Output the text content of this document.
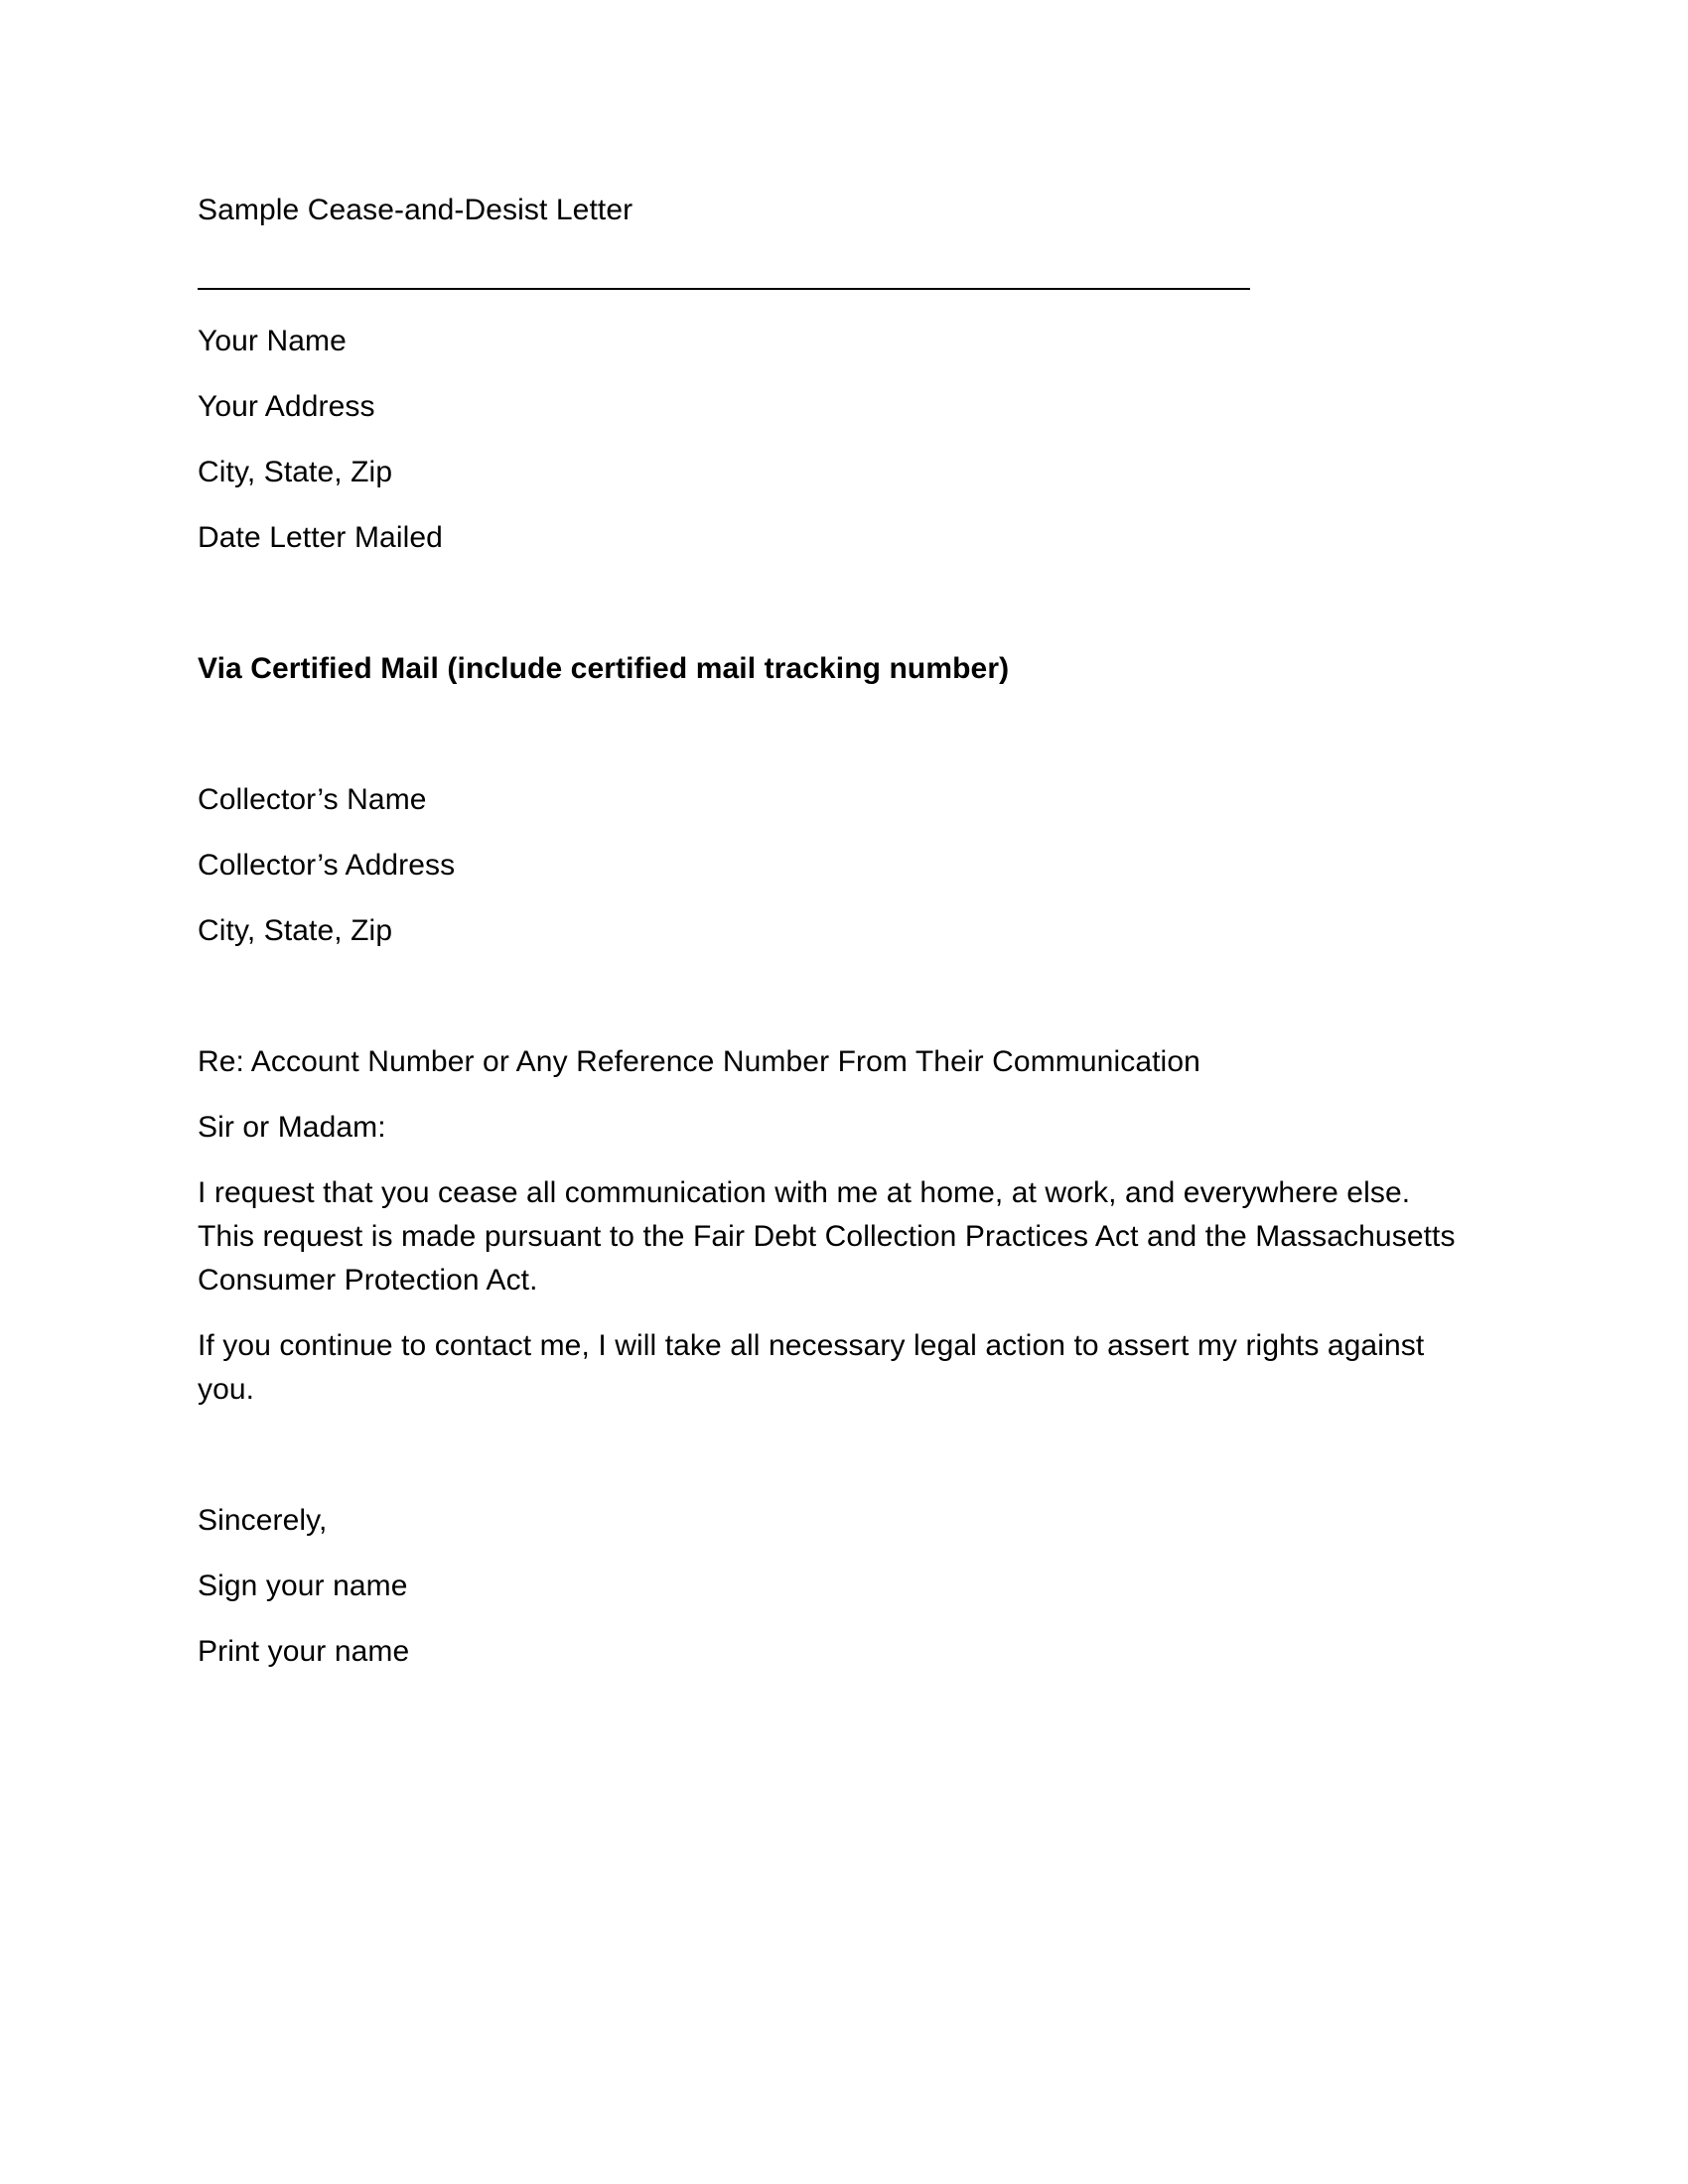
Sample Cease-and-Desist Letter
Your Name
Your Address
City, State, Zip
Date Letter Mailed
Via Certified Mail (include certified mail tracking number)
Collector’s Name
Collector’s Address
City, State, Zip
Re: Account Number or Any Reference Number From Their Communication
Sir or Madam:
I request that you cease all communication with me at home, at work, and everywhere else.
This request is made pursuant to the Fair Debt Collection Practices Act and the Massachusetts
Consumer Protection Act.
If you continue to contact me, I will take all necessary legal action to assert my rights against
you.
Sincerely,
Sign your name
Print your name
